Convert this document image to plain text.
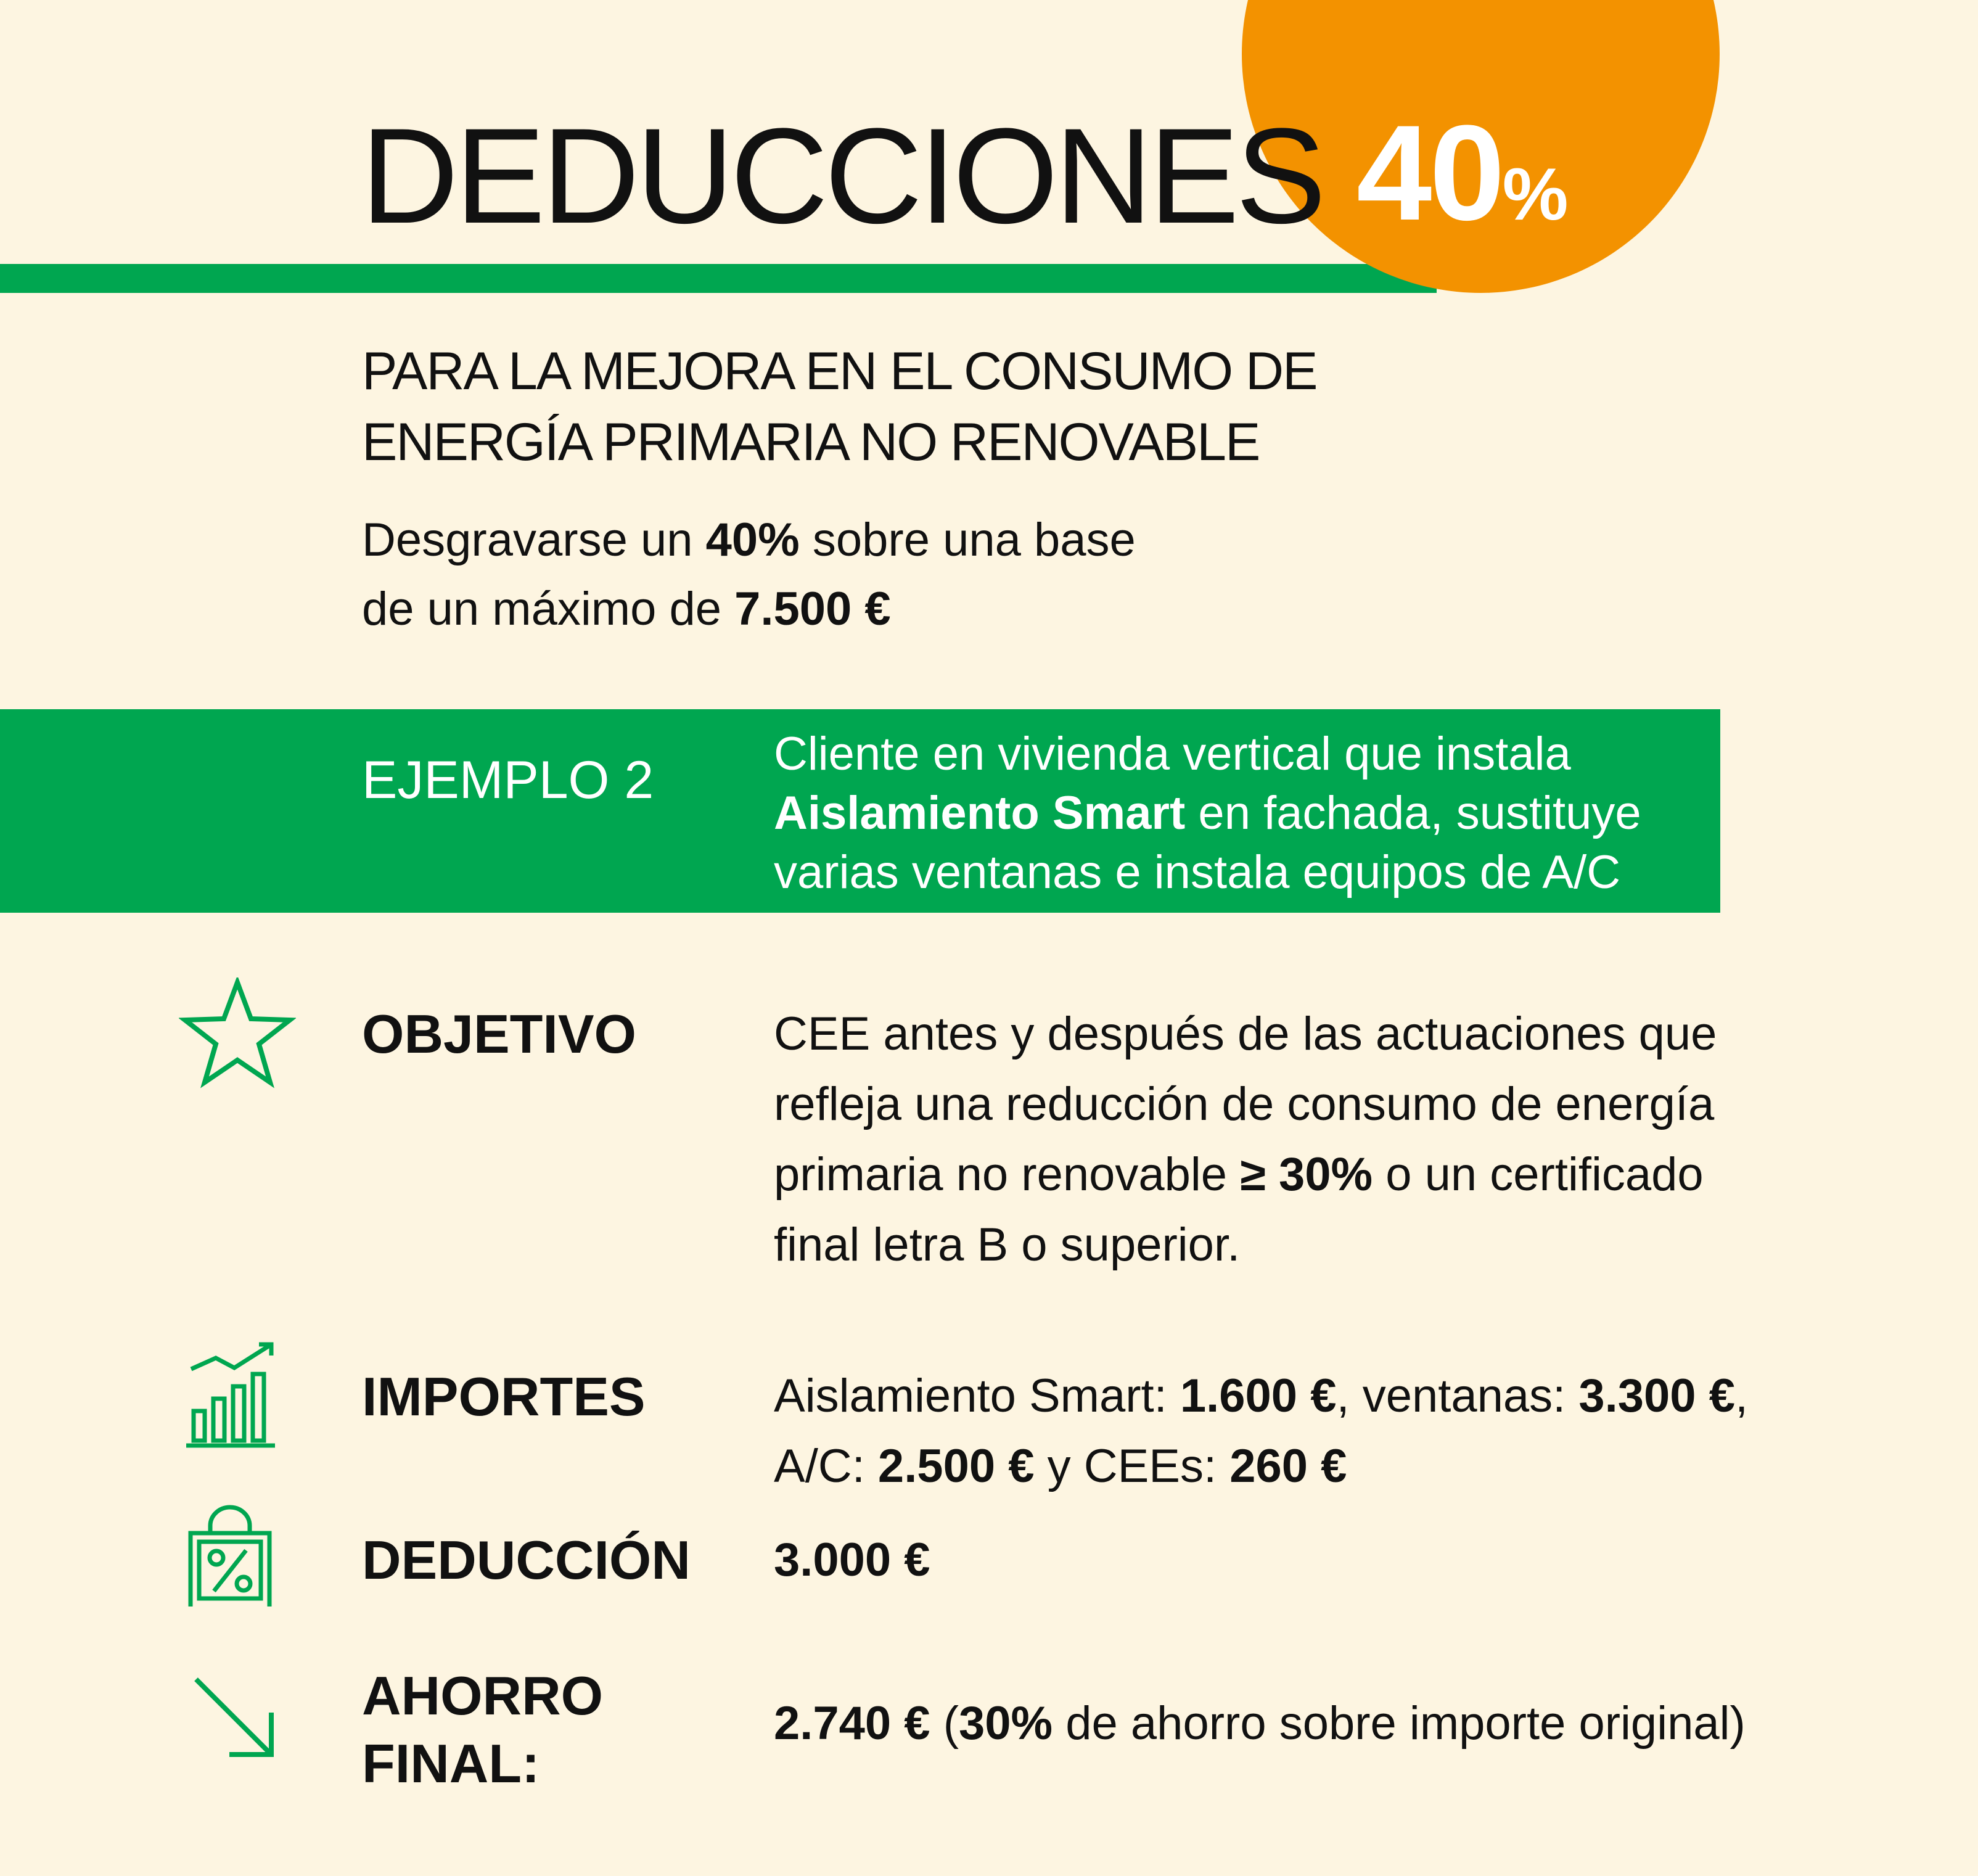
40%
DEDUCCIONES
PARA LA MEJORA EN EL CONSUMO DE
ENERGÍA PRIMARIA NO RENOVABLE
Desgravarse un 40% sobre una base
de un máximo de 7.500 €
EJEMPLO 2	Cliente en vivienda vertical que instala
Aislamiento Smart en fachada, sustituye
varias ventanas e instala equipos de A/C
OBJETIVO	CEE antes y después de las actuaciones que
refleja una reducción de consumo de energía
primaria no renovable ≥ 30% o un certificado
final letra B o superior.
IMPORTES	Aislamiento Smart: 1.600 €, ventanas: 3.300 €,
A/C: 2.500 € y CEEs: 260 €
DEDUCCIÓN 3.000 €
AHORRO
FINAL:
2.740 € (30% de ahorro sobre importe original)
